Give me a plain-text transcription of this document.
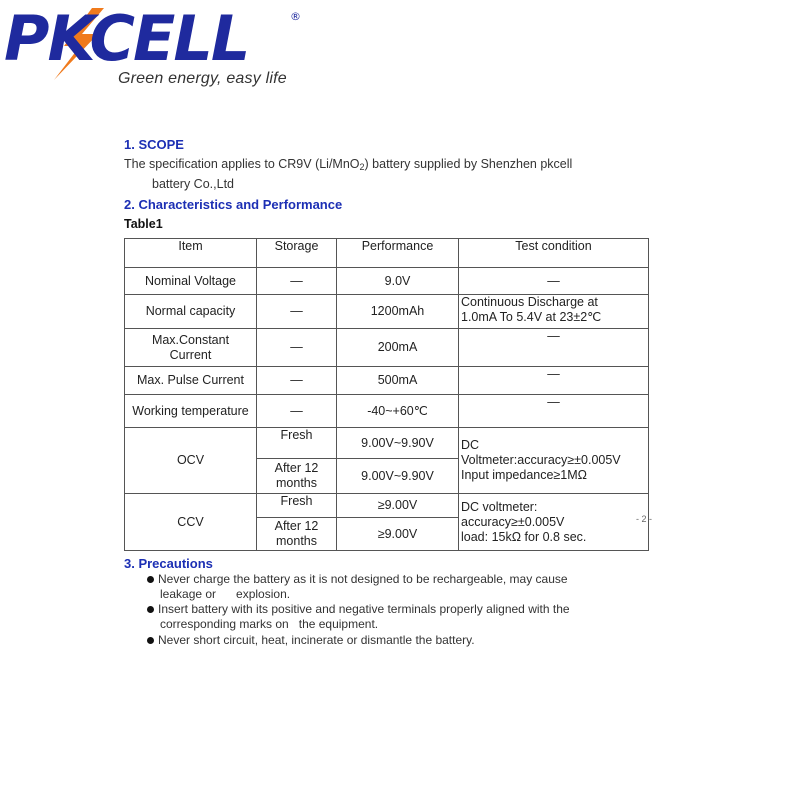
PKCELL	®
Green energy, easy life
1. SCOPE
The specification applies to CR9V (Li/MnO$_2$) battery supplied by Shenzhen pkcell
battery Co.,Ltd
2. Characteristics and Performance
Table1
Item	Storage	Performance	Test condition
Nominal Voltage	—	9.0V	—
Normal capacity	—	1200mAh	Continuous Discharge at
1.0mA To 5.4V at 23±2℃

Max.Constant
Current	—	200mA	—
Max. Pulse Current	—	500mA	—
Working temperature	—	-40~+60℃	—
OCV	Fresh	9.00V~9.90V	DC
Voltmeter:accuracy≥±0.005V
Input impedance≥1MΩ

	After 12
months	9.00V~9.90V	
CCV	Fresh	≥9.00V	DC voltmeter:
accuracy≥±0.005V
load: 15kΩ for 0.8 sec.

	After 12
months	≥9.00V	
- 2 -
3. Precautions
Never charge the battery as it is not designed to be rechargeable, may cause
leakage or      explosion.
Insert battery with its positive and negative terminals properly aligned with the
corresponding marks on   the equipment.
Never short circuit, heat, incinerate or dismantle the battery.
